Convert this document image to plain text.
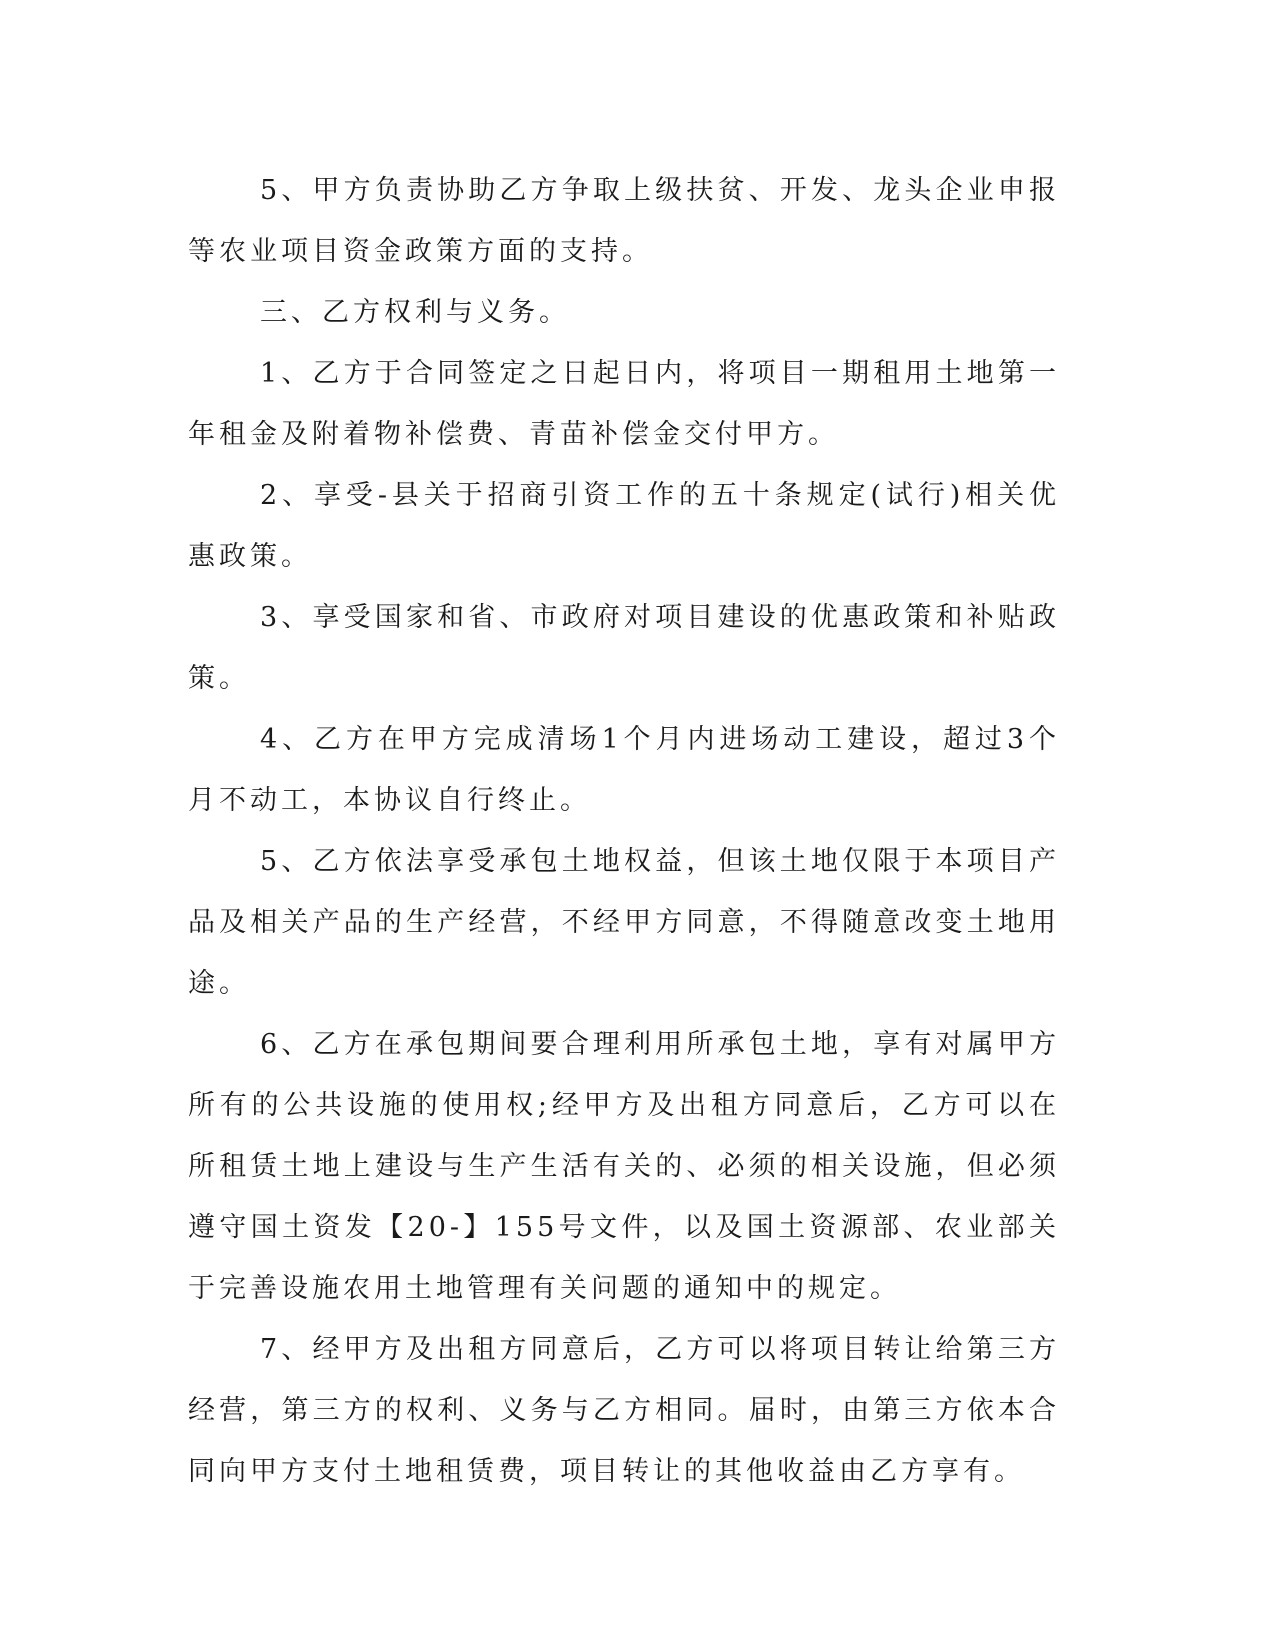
5、甲方负责协助乙方争取上级扶贫、开发、龙头企业申报等农业项目资金政策方面的支持。

三、乙方权利与义务。

1、乙方于合同签定之日起日内，将项目一期租用土地第一年租金及附着物补偿费、青苗补偿金交付甲方。

2、享受-县关于招商引资工作的五十条规定(试行)相关优惠政策。

3、享受国家和省、市政府对项目建设的优惠政策和补贴政策。

4、乙方在甲方完成清场1个月内进场动工建设，超过3个月不动工，本协议自行终止。

5、乙方依法享受承包土地权益，但该土地仅限于本项目产品及相关产品的生产经营，不经甲方同意，不得随意改变土地用途。

6、乙方在承包期间要合理利用所承包土地，享有对属甲方所有的公共设施的使用权;经甲方及出租方同意后，乙方可以在所租赁土地上建设与生产生活有关的、必须的相关设施，但必须遵守国土资发【20-】155号文件，以及国土资源部、农业部关于完善设施农用土地管理有关问题的通知中的规定。

7、经甲方及出租方同意后，乙方可以将项目转让给第三方经营，第三方的权利、义务与乙方相同。届时，由第三方依本合同向甲方支付土地租赁费，项目转让的其他收益由乙方享有。
